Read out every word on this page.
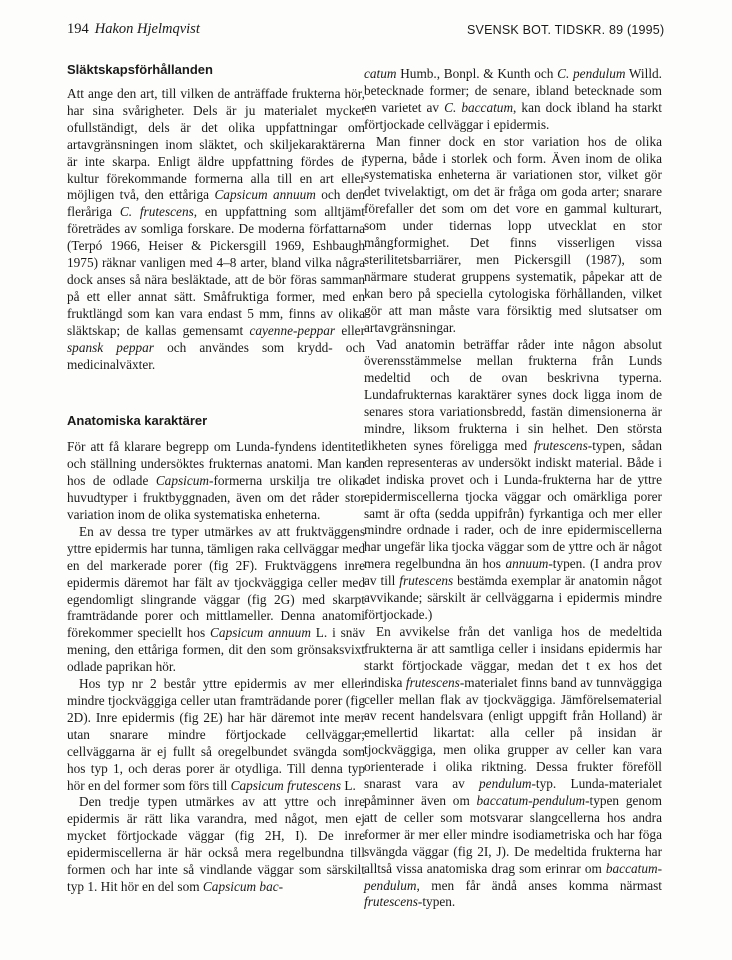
194 Hakon Hjelmqvist	SVENSK BOT. TIDSKR. 89 (1995)
Släktskapsförhållanden

Att ange den art, till vilken de anträffade frukterna hör, har sina svårigheter. Dels är ju materialet mycket ofullständigt, dels är det olika uppfattningar om artavgränsningen inom släktet, och skiljekaraktärerna är inte skarpa. Enligt äldre uppfattning fördes de i kultur förekommande formerna alla till en art eller möjligen två, den ettåriga Capsicum annuum och den fleråriga C. frutescens, en uppfattning som alltjämt företrädes av somliga forskare. De moderna författarna (Terpó 1966, Heiser & Pickersgill 1969, Eshbaugh 1975) räknar vanligen med 4–8 arter, bland vilka några dock anses så nära besläktade, att de bör föras samman på ett eller annat sätt. Småfruktiga former, med en fruktlängd som kan vara endast 5 mm, finns av olika släktskap; de kallas gemensamt cayenne-peppar eller spansk peppar och användes som krydd- och medicinalväxter.

Anatomiska karaktärer

För att få klarare begrepp om Lunda-fyndens identitet och ställning undersöktes frukternas anatomi. Man kan hos de odlade Capsicum-formerna urskilja tre olika huvudtyper i fruktbyggnaden, även om det råder stor variation inom de olika systematiska enheterna.

En av dessa tre typer utmärkes av att fruktväggens yttre epidermis har tunna, tämligen raka cellväggar med en del markerade porer (fig 2F). Fruktväggens inre epidermis däremot har fält av tjockväggiga celler med egendomligt slingrande väggar (fig 2G) med skarpt framträdande porer och mittlameller. Denna anatomi förekommer speciellt hos Capsicum annuum L. i snäv mening, den ettåriga formen, dit den som grönsaksvixt odlade paprikan hör.

Hos typ nr 2 består yttre epidermis av mer eller mindre tjockväggiga celler utan framträdande porer (fig 2D). Inre epidermis (fig 2E) har här däremot inte mer utan snarare mindre förtjockade cellväggar; cellväggarna är ej fullt så oregelbundet svängda som hos typ 1, och deras porer är otydliga. Till denna typ hör en del former som förs till Capsicum frutescens L.

Den tredje typen utmärkes av att yttre och inre epidermis är rätt lika varandra, med något, men ej mycket förtjockade väggar (fig 2H, I). De inre epidermiscellerna är här också mera regelbundna till formen och har inte så vindlande väggar som särskilt typ 1. Hit hör en del som Capsicum bac-

catum Humb., Bonpl. & Kunth och C. pendulum Willd. betecknade former; de senare, ibland betecknade som en varietet av C. baccatum, kan dock ibland ha starkt förtjockade cellväggar i epidermis.

Man finner dock en stor variation hos de olika typerna, både i storlek och form. Även inom de olika systematiska enheterna är variationen stor, vilket gör det tvivelaktigt, om det är fråga om goda arter; snarare förefaller det som om det vore en gammal kulturart, som under tidernas lopp utvecklat en stor mångformighet. Det finns visserligen vissa sterilitetsbarriärer, men Pickersgill (1987), som närmare studerat gruppens systematik, påpekar att de kan bero på speciella cytologiska förhållanden, vilket gör att man måste vara försiktig med slutsatser om artavgränsningar.

Vad anatomin beträffar råder inte någon absolut överensstämmelse mellan frukterna från Lunds medeltid och de ovan beskrivna typerna. Lundafrukternas karaktärer synes dock ligga inom de senares stora variationsbredd, fastän dimensionerna är mindre, liksom frukterna i sin helhet. Den största likheten synes föreligga med frutescens-typen, sådan den representeras av undersökt indiskt material. Både i det indiska provet och i Lunda-frukterna har de yttre epidermiscellerna tjocka väggar och omärkliga porer samt är ofta (sedda uppifrån) fyrkantiga och mer eller mindre ordnade i rader, och de inre epidermiscellerna har ungefär lika tjocka väggar som de yttre och är något mera regelbundna än hos annuum-typen. (I andra prov av till frutescens bestämda exemplar är anatomin något avvikande; särskilt är cellväggarna i epidermis mindre förtjockade.)

En avvikelse från det vanliga hos de medeltida frukterna är att samtliga celler i insidans epidermis har starkt förtjockade väggar, medan det t ex hos det indiska frutescens-materialet finns band av tunnväggiga celler mellan flak av tjockväggiga. Jämförelsematerial av recent handelsvara (enligt uppgift från Holland) är emellertid likartat: alla celler på insidan är tjockväggiga, men olika grupper av celler kan vara orienterade i olika riktning. Dessa frukter föreföll snarast vara av pendulum-typ. Lunda-materialet påminner även om baccatum-pendulum-typen genom att de celler som motsvarar slangcellerna hos andra former är mer eller mindre isodiametriska och har föga svängda väggar (fig 2I, J). De medeltida frukterna har alltså vissa anatomiska drag som erinrar om baccatum-pendulum, men får ändå anses komma närmast frutescens-typen.
